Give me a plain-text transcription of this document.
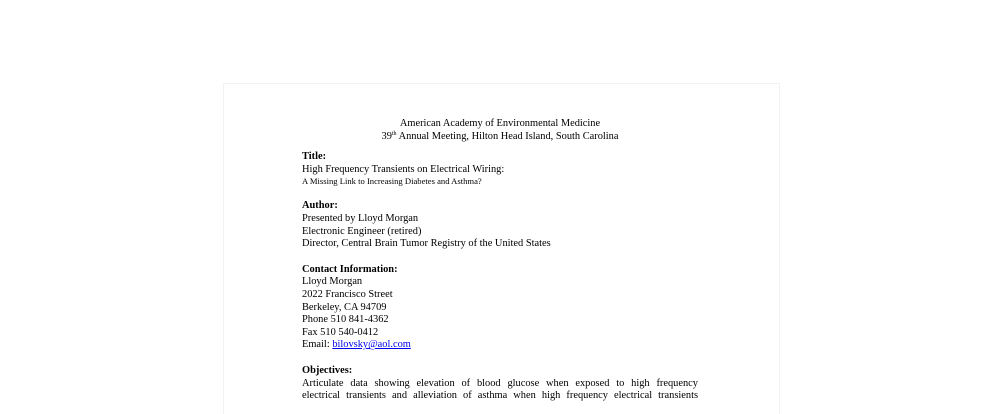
American Academy of Environmental Medicine
39th Annual Meeting, Hilton Head Island, South Carolina
Title:
High Frequency Transients on Electrical Wiring:
A Missing Link to Increasing Diabetes and Asthma?
Author:
Presented by Lloyd Morgan
Electronic Engineer (retired)
Director, Central Brain Tumor Registry of the United States
Contact Information:
Lloyd Morgan
2022 Francisco Street
Berkeley, CA 94709
Phone 510 841-4362
Fax 510 540-0412
Email: bilovsky@aol.com
Objectives:
Articulate data showing elevation of blood glucose when exposed to high frequency
electrical transients and alleviation of asthma when high frequency electrical transients
